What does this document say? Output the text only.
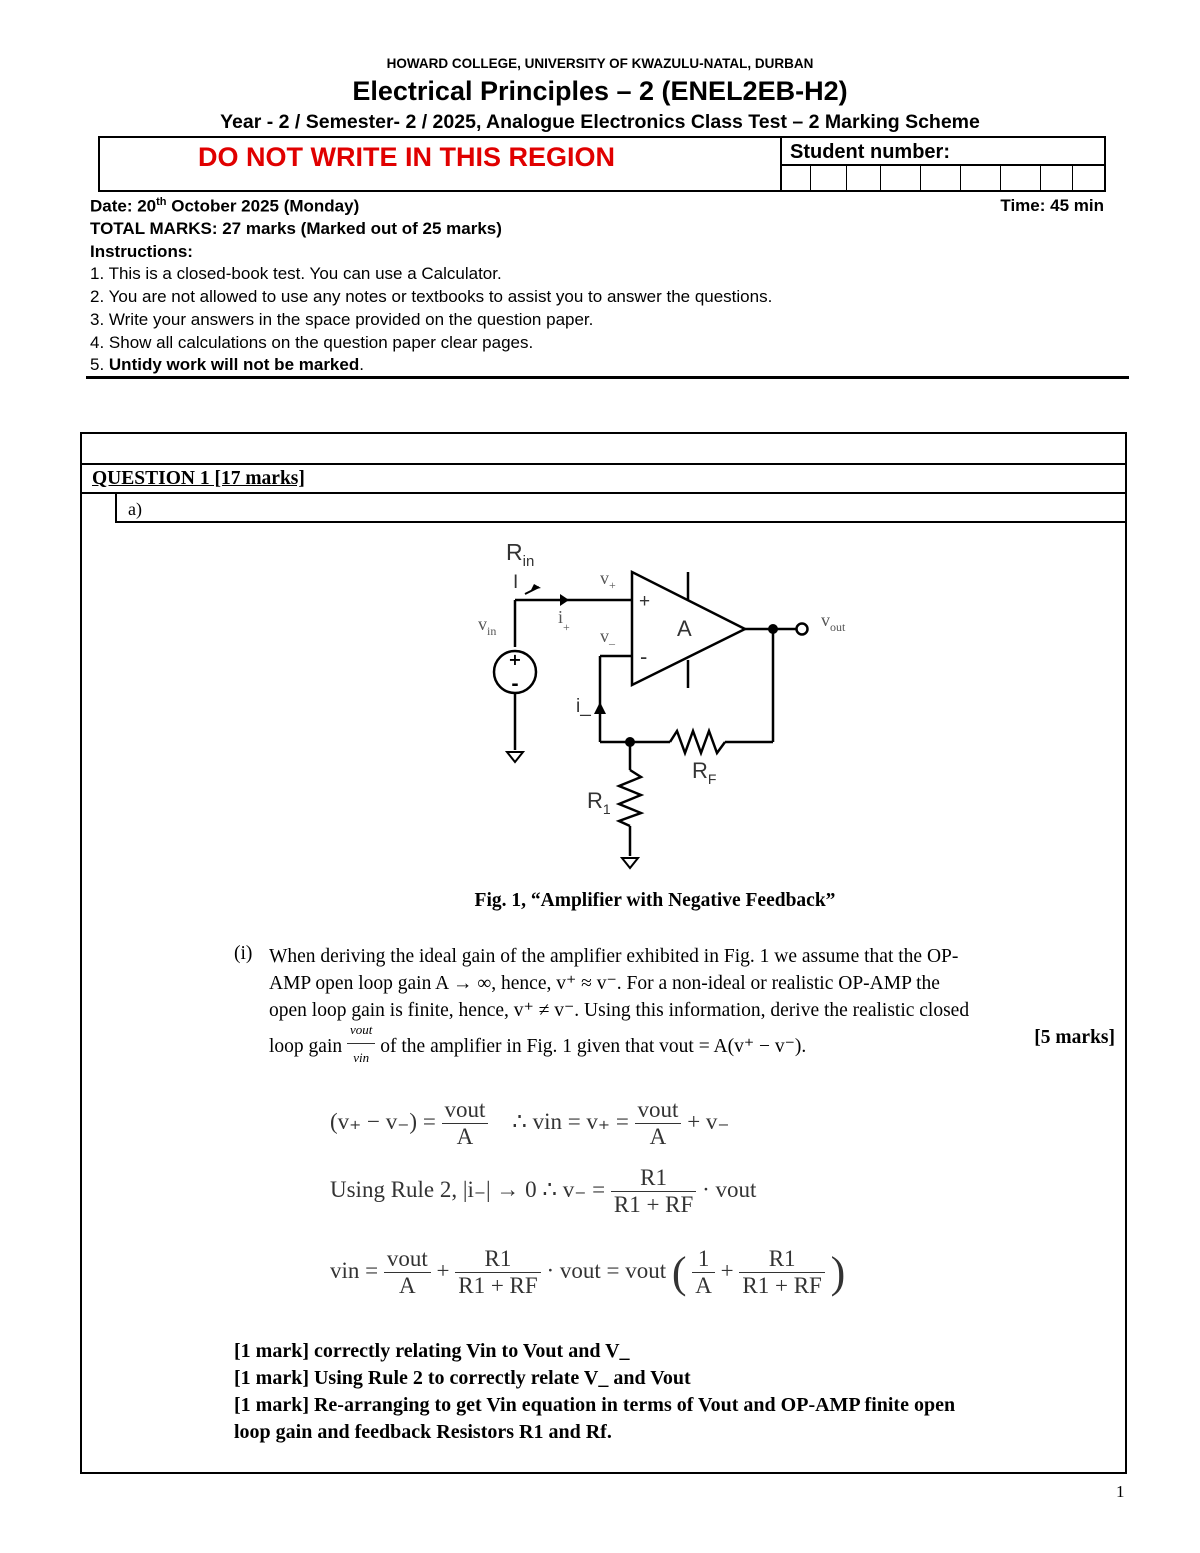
HOWARD COLLEGE, UNIVERSITY OF KWAZULU-NATAL, DURBAN
Electrical Principles – 2 (ENEL2EB-H2)
Year - 2 / Semester- 2 / 2025, Analogue Electronics Class Test – 2 Marking Scheme
DO NOT WRITE IN THIS REGION	Student number:
Date: 20th October 2025 (Monday)	Time: 45 min
TOTAL MARKS: 27 marks (Marked out of 25 marks)
Instructions:
1. This is a closed-book test. You can use a Calculator.
2. You are not allowed to use any notes or textbooks to assist you to answer the questions.
3. Write your answers in the space provided on the question paper.
4. Show all calculations on the question paper clear pages.
5. Untidy work will not be marked.
QUESTION 1 [17 marks]
a)
+
-
$R_{in}$
I
$v_{in}$
$v_+$
$i_+$ $v_-$
i_
+
-
A	$v_{out}$
$R_1$
$R_F$
Fig. 1, “Amplifier with Negative Feedback”
(i) When deriving the ideal gain of the amplifier exhibited in Fig. 1 we assume that the OP-
AMP open loop gain A → ∞, hence, v⁺ ≈ v⁻. For a non-ideal or realistic OP-AMP the
open loop gain is finite, hence, v⁺ ≠ v⁻. Using this information, derive the realistic closed
loop gain $\frac{\text{vout}}{\text{vin}}$ of the amplifier in Fig. 1 given that vout = A(v⁺ − v⁻).	[5 marks]
$(v_+ - v_-) = \frac{\text{vout}}{A}$ ∴ vin = $v_+ = \frac{\text{vout}}{A} + v_-$
Using Rule 2, |i₋| → 0 ∴ $v_- = \frac{R1}{R1 + RF}$ · vout
vin = $\frac{\text{vout}}{A} + \frac{R1}{R1 + RF}$ · vout = vout ( $\frac{1}{A} + \frac{R1}{R1 + RF}$ )
[1 mark] correctly relating Vin to Vout and V_
[1 mark] Using Rule 2 to correctly relate V_ and Vout
[1 mark] Re-arranging to get Vin equation in terms of Vout and OP-AMP finite open
loop gain and feedback Resistors R1 and Rf.
1
